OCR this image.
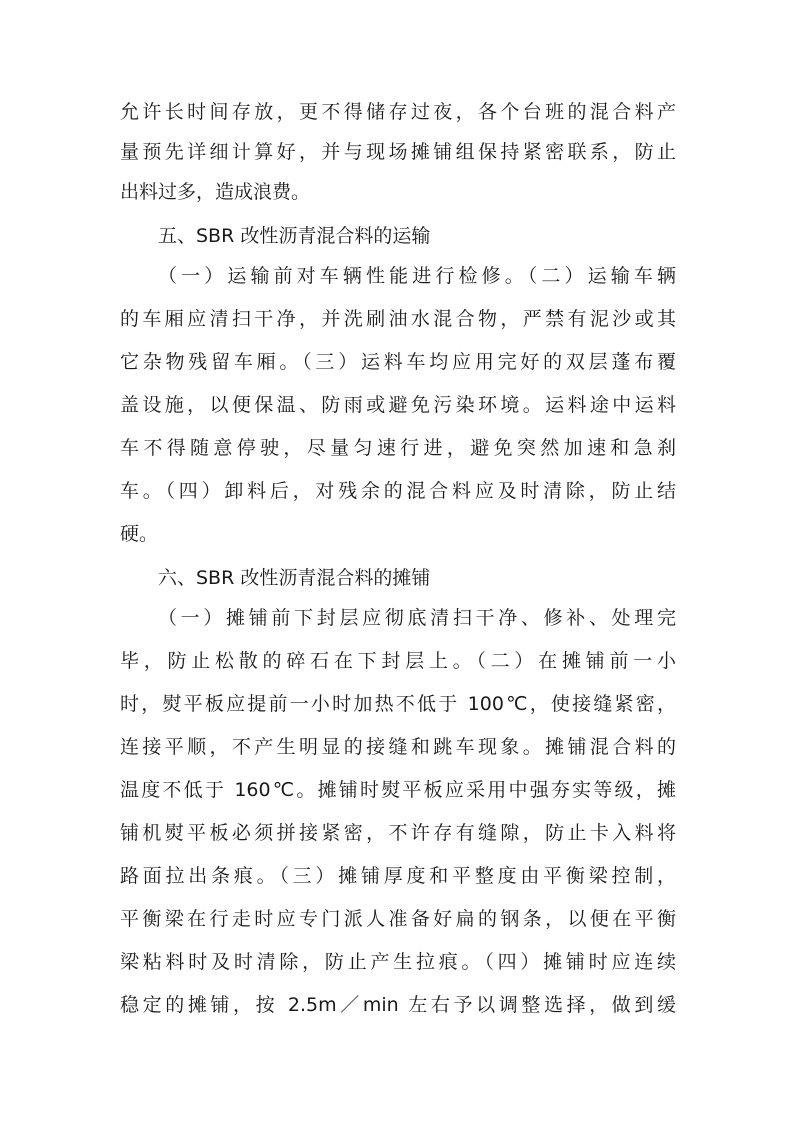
允许长时间存放，更不得储存过夜，各个台班的混合料产
量预先详细计算好，并与现场摊铺组保持紧密联系，防止
出料过多，造成浪费。
五、SBR 改性沥青混合料的运输
（一）运输前对车辆性能进行检修。（二）运输车辆
的车厢应清扫干净，并洗刷油水混合物，严禁有泥沙或其
它杂物残留车厢。（三）运料车均应用完好的双层蓬布覆
盖设施，以便保温、防雨或避免污染环境。运料途中运料
车不得随意停驶，尽量匀速行进，避免突然加速和急刹
车。（四）卸料后，对残余的混合料应及时清除，防止结
硬。
六、SBR 改性沥青混合料的摊铺
（一）摊铺前下封层应彻底清扫干净、修补、处理完
毕，防止松散的碎石在下封层上。（二）在摊铺前一小
时，熨平板应提前一小时加热不低于 100℃，使接缝紧密，
连接平顺，不产生明显的接缝和跳车现象。摊铺混合料的
温度不低于 160℃。摊铺时熨平板应采用中强夯实等级，摊
铺机熨平板必须拼接紧密，不许存有缝隙，防止卡入料将
路面拉出条痕。（三）摊铺厚度和平整度由平衡梁控制，
平衡梁在行走时应专门派人准备好扁的钢条，以便在平衡
梁粘料时及时清除，防止产生拉痕。（四）摊铺时应连续
稳定的摊铺，按 2.5m／min 左右予以调整选择，做到缓
